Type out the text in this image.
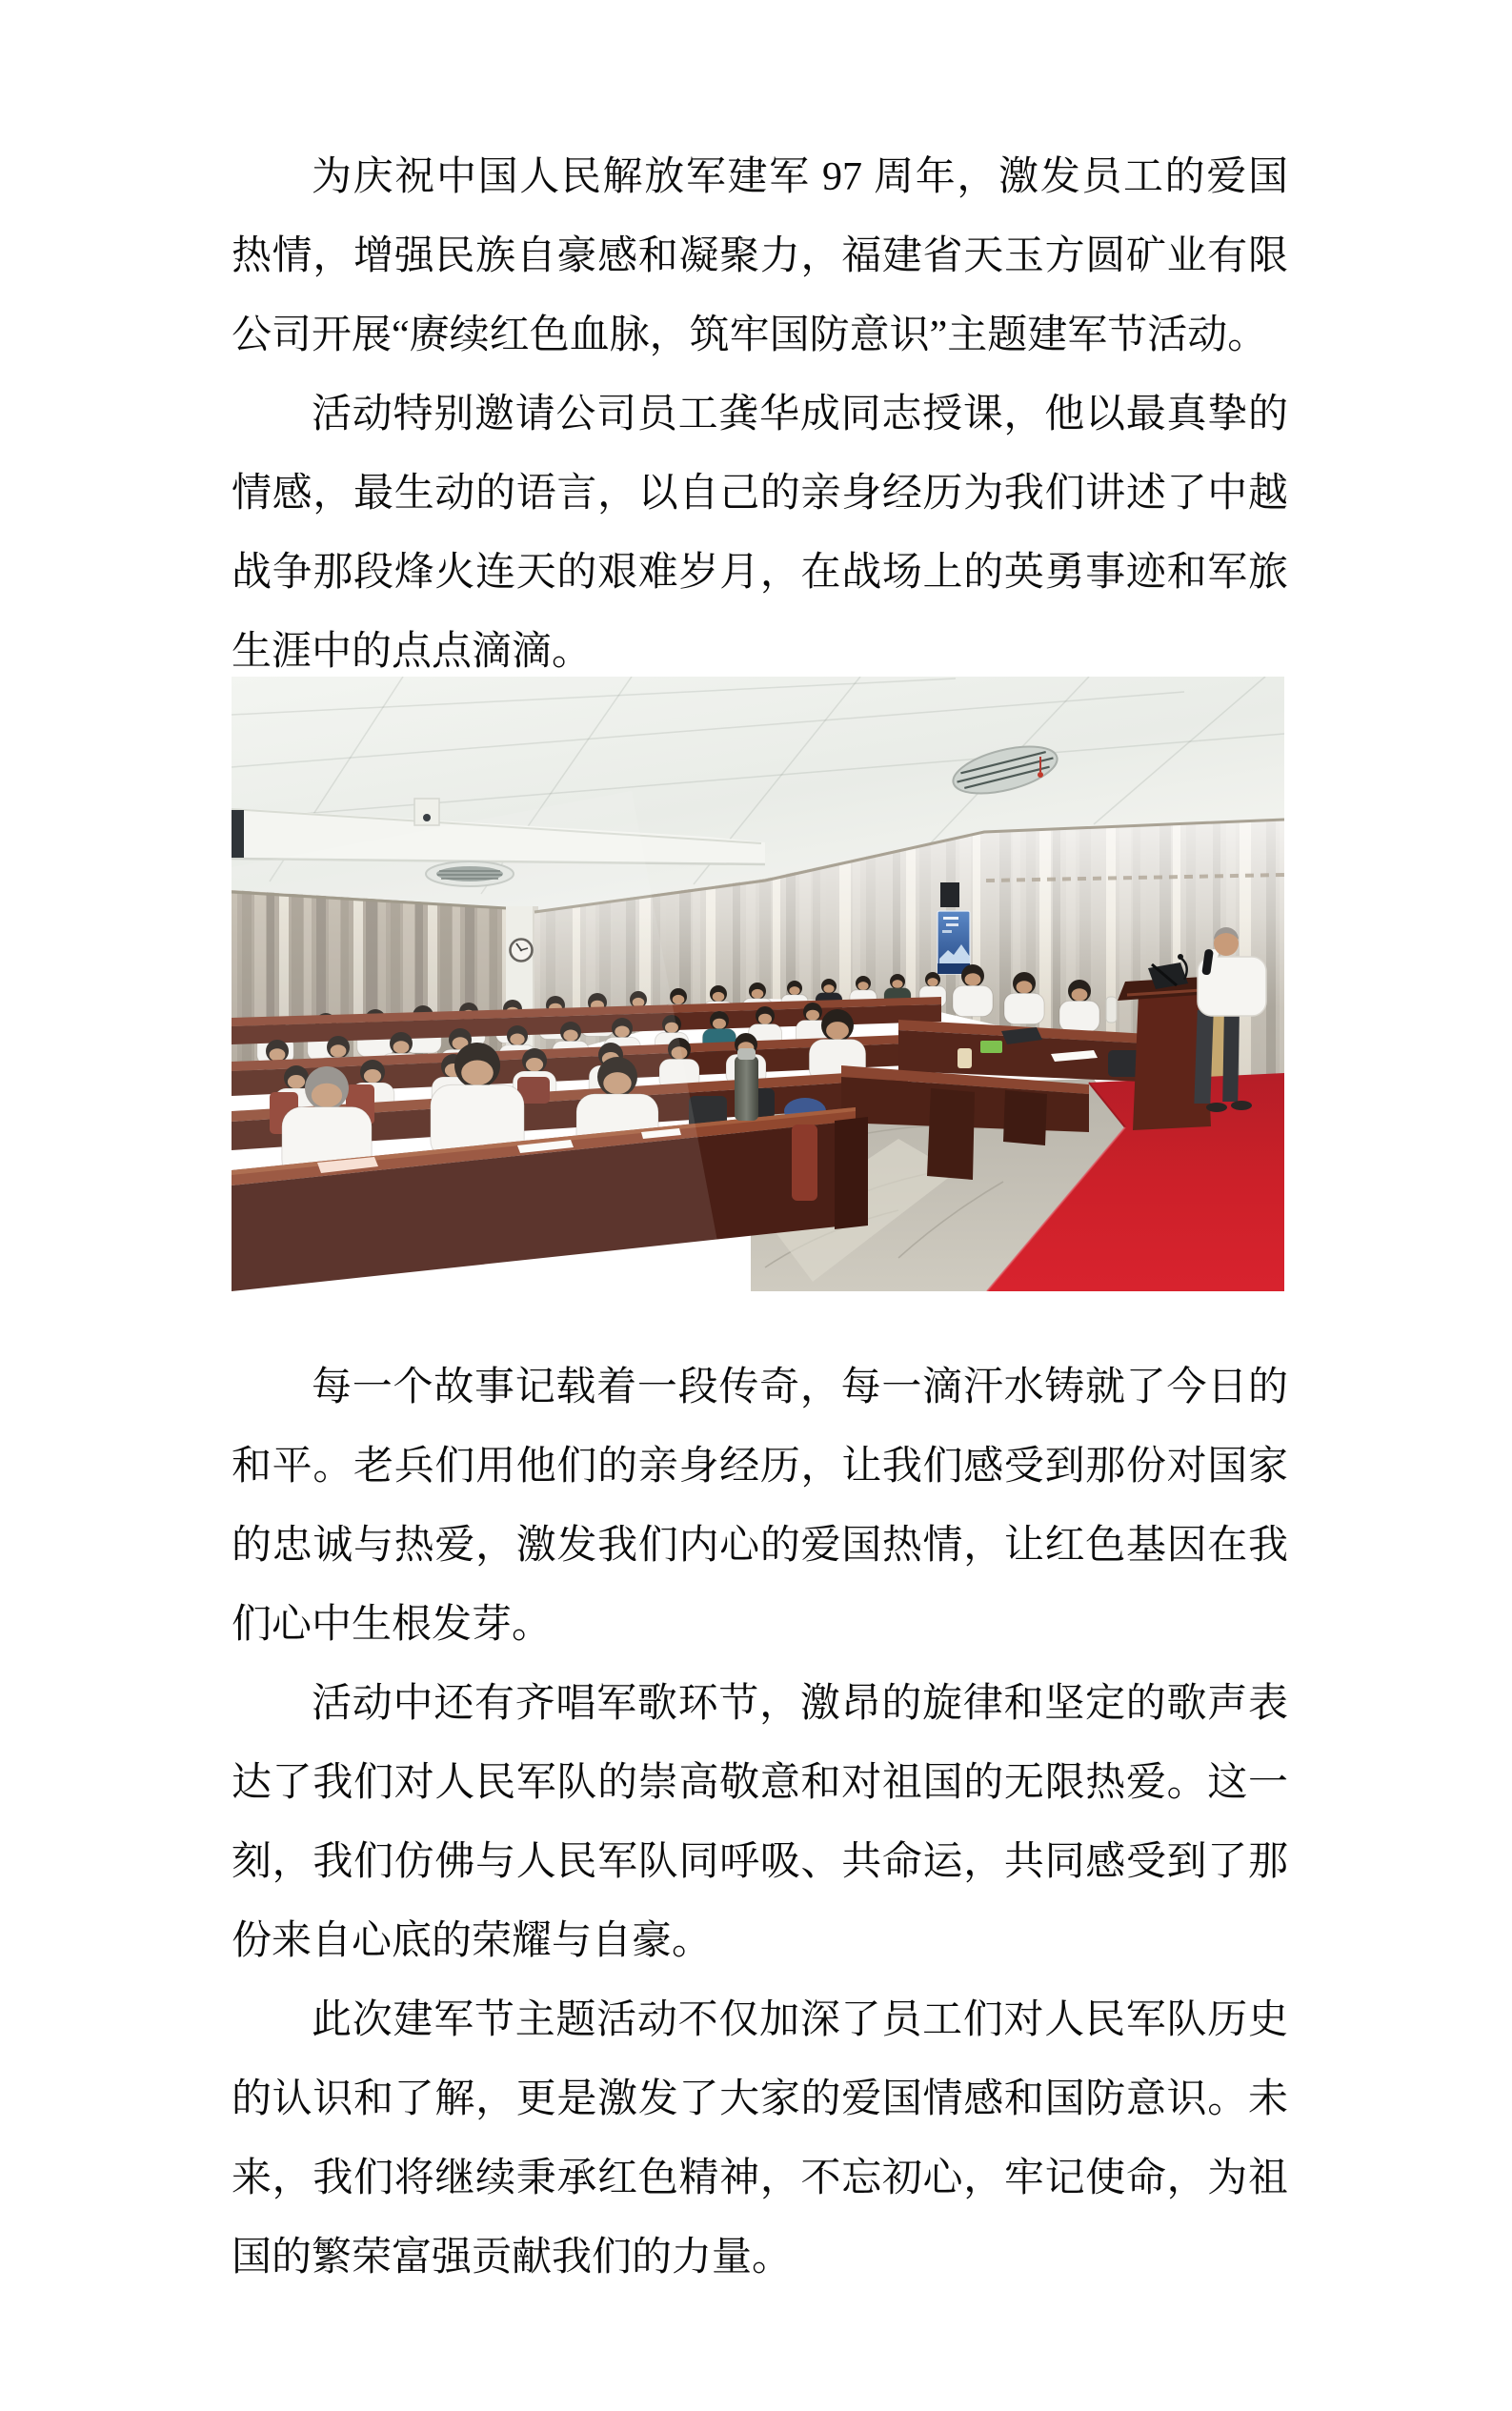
为庆祝中国人民解放军建军 97 周年，激发员工的爱国热情，增强民族自豪感和凝聚力，福建省天玉方圆矿业有限公司开展“赓续红色血脉，筑牢国防意识”主题建军节活动。

活动特别邀请公司员工龚华成同志授课，他以最真挚的情感，最生动的语言，以自己的亲身经历为我们讲述了中越战争那段烽火连天的艰难岁月，在战场上的英勇事迹和军旅生涯中的点点滴滴。

每一个故事记载着一段传奇，每一滴汗水铸就了今日的和平。老兵们用他们的亲身经历，让我们感受到那份对国家的忠诚与热爱，激发我们内心的爱国热情，让红色基因在我们心中生根发芽。

活动中还有齐唱军歌环节，激昂的旋律和坚定的歌声表达了我们对人民军队的崇高敬意和对祖国的无限热爱。这一刻，我们仿佛与人民军队同呼吸、共命运，共同感受到了那份来自心底的荣耀与自豪。

此次建军节主题活动不仅加深了员工们对人民军队历史的认识和了解，更是激发了大家的爱国情感和国防意识。未来，我们将继续秉承红色精神，不忘初心，牢记使命，为祖国的繁荣富强贡献我们的力量。
